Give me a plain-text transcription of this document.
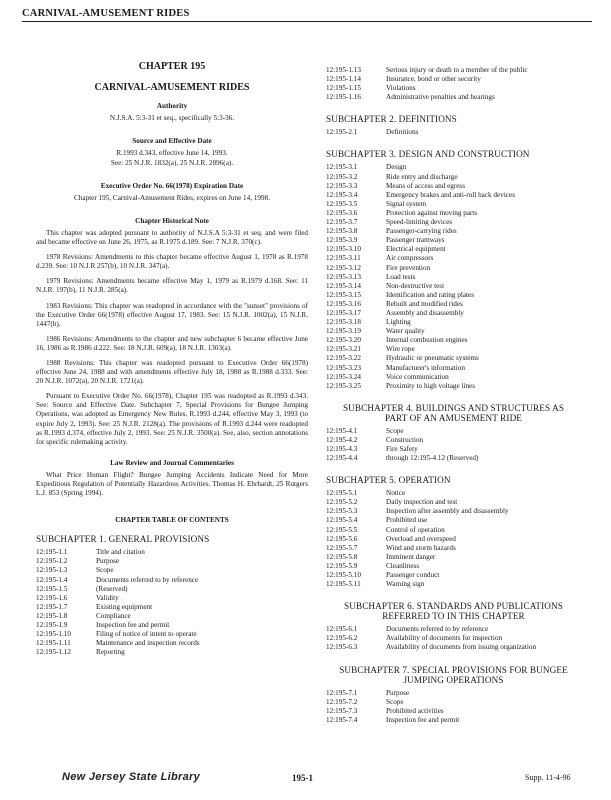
CARNIVAL-AMUSEMENT RIDES
CHAPTER 195
CARNIVAL-AMUSEMENT RIDES
Authority

N.J.S.A. 5:3-31 et seq., specifically 5:3-36.

Source and Effective Date

R.1993 d.343, effective June 14, 1993.

See: 25 N.J.R. 1832(a), 25 N.J.R. 2896(a).

Executive Order No. 66(1978) Expiration Date

Chapter 195, Carnival-Amusement Rides, expires on June 14, 1998.

Chapter Historical Note

This chapter was adopted pursuant to authority of N.J.S.A 5:3-31 et seq. and were filed and became effective on June 26, 1975, as R.1975 d.189. See: 7 N.J.R. 370(c).

1978 Revisions: Amendments to this chapter became effective August 1, 1978 as R.1978 d.239. See: 10 N.J.R 257(b), 10 N.J.R. 347(a).

1979 Revisions: Amendments became effective May 1, 1979 as R.1979 d.168. See: 11 N.J.R. 197(b), 11 N.J.R. 285(a).

1983 Revisions: This chapter was readopted in accordance with the "sunset" provisions of the Executive Order 66(1978) effective August 17, 1983. See: 15 N.J.R. 1002(a), 15 N.J.R. 1447(b).

1986 Revisions: Amendments to the chapter and new subchapter 6 became effective June 16, 1986 as R.1986 d.222. See: 18 N.J.R. 609(a), 18 N.J.R. 1303(a).

1988 Revisions: This chapter was readopted pursuant to Executive Order 66(1978) effective June 24, 1988 and with amendments effective July 18, 1988 as R.1988 d.333. See: 20 N.J.R. 1072(a), 20 N.J.R. 1721(a).

Pursuant to Executive Order No. 66(1978), Chapter 195 was readopted as R.1993 d.343. See: Source and Effective Date. Subchapter 7, Special Provisions for Bungee Jumping Operations, was adopted as Emergency New Rules, R.1993 d.244, effective May 3, 1993 (to expire July 2, 1993). See: 25 N.J.R. 2128(a). The provisions of R.1993 d.244 were readopted as R.1993 d.374, effective July 2, 1993. See: 25 N.J.R. 3500(a). See, also, section annotations for specific rulemaking activity.

Law Review and Journal Commentaries

What Price Human Flight? Bungee Jumping Accidents Indicate Need for More Expeditious Regulation of Potentially Hazardous Activities. Thomas H. Ehrhardt, 25 Rutgers L.J. 853 (Spring 1994).

CHAPTER TABLE OF CONTENTS
SUBCHAPTER 1. GENERAL PROVISIONS
12:195-1.1	Title and citation
12:195-1.2	Purpose
12:195-1.3	Scope
12:195-1.4	Documents referred to by reference
12:195-1.5	(Reserved)
12:195-1.6	Validity
12:195-1.7	Existing equipment
12:195-1.8	Compliance
12:195-1.9	Inspection fee and permit
12:195-1.10	Filing of notice of intent to operate
12:195-1.11	Maintenance and inspection records
12:195-1.12	Reporting
12:195-1.13	Serious injury or death to a member of the public
12:195-1.14	Insurance, bond or other security
12:195-1.15	Violations
12:195-1.16	Administrative penalties and hearings
SUBCHAPTER 2. DEFINITIONS
12:195-2.1	Definitions
SUBCHAPTER 3. DESIGN AND CONSTRUCTION
12:195-3.1	Design
12:195-3.2	Ride entry and discharge
12:195-3.3	Means of access and egress
12:195-3.4	Emergency brakes and anti-roll back devices
12:195-3.5	Signal system
12:195-3.6	Protection against moving parts
12:195-3.7	Speed-limiting devices
12:195-3.8	Passenger-carrying rides
12:195-3.9	Passenger tramways
12:195-3.10	Electrical equipment
12:195-3.11	Air compressors
12:195-3.12	Fire prevention
12:195-3.13	Load tests
12:195-3.14	Non-destructive test
12:195-3.15	Identification and rating plates
12:195-3.16	Rebuilt and modified rides
12:195-3.17	Assembly and disassembly
12:195-3.18	Lighting
12:195-3.19	Water quality
12:195-3.20	Internal combustion engines
12:195-3.21	Wire rope
12:195-3.22	Hydraulic or pneumatic systems
12:195-3.23	Manufacturer's information
12:195-3.24	Voice communication
12:195-3.25	Proximity to high voltage lines
SUBCHAPTER 4. BUILDINGS AND STRUCTURES AS
PART OF AN AMUSEMENT RIDE
12:195-4.1	Scope
12:195-4.2	Construction
12:195-4.3	Fire Safety
12:195-4.4	through 12:195-4.12 (Reserved)
SUBCHAPTER 5. OPERATION
12:195-5.1	Notice
12:195-5.2	Daily inspection and test
12:195-5.3	Inspection after assembly and disassembly
12:195-5.4	Prohibited use
12:195-5.5	Control of operation
12:195-5.6	Overload and overspeed
12:195-5.7	Wind and storm hazards
12:195-5.8	Imminent danger
12:195-5.9	Cleanliness
12:195-5.10	Passenger conduct
12:195-5.11	Warning sign
SUBCHAPTER 6. STANDARDS AND PUBLICATIONS
REFERRED TO IN THIS CHAPTER
12:195-6.1	Documents referred to by reference
12:195-6.2	Availability of documents for inspection
12:195-6.3	Availability of documents from issuing organization
SUBCHAPTER 7. SPECIAL PROVISIONS FOR BUNGEE
JUMPING OPERATIONS
12:195-7.1	Purpose
12:195-7.2	Scope
12:195-7.3	Prohibited activities
12:195-7.4	Inspection fee and permit
New Jersey State Library	195-1	Supp. 11-4-96
